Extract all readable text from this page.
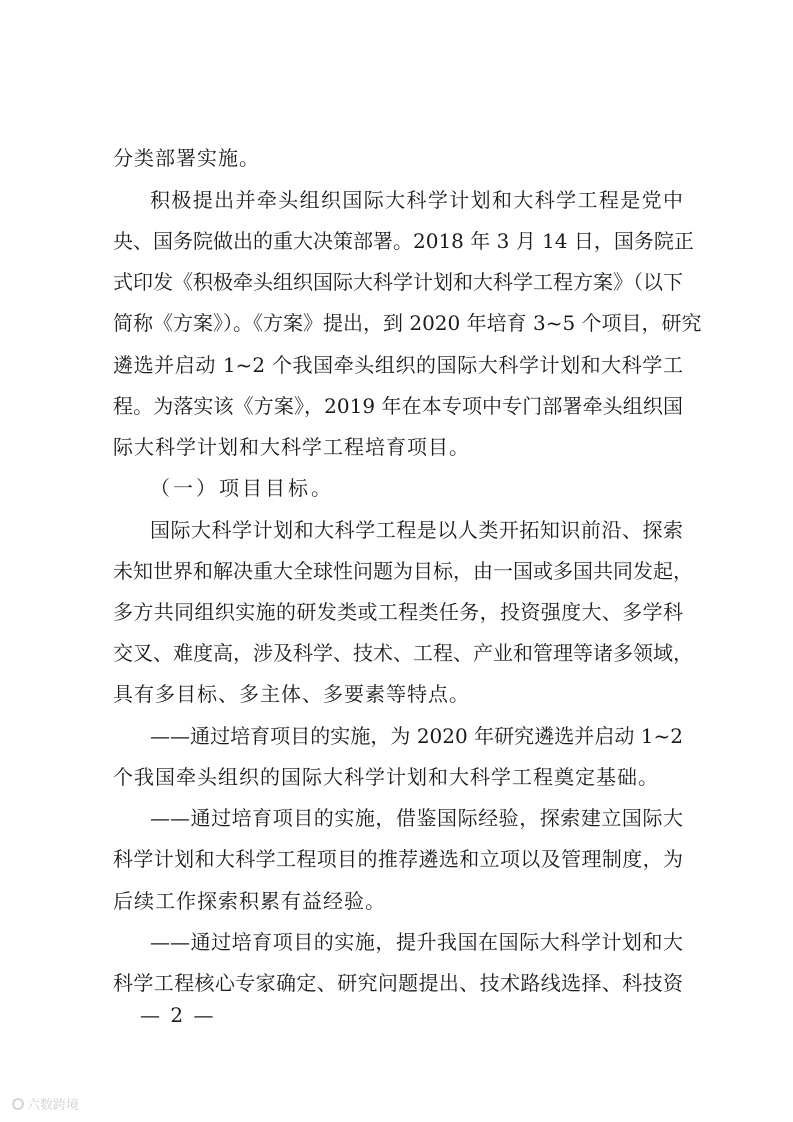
分类部署实施。
积极提出并牵头组织国际大科学计划和大科学工程是党中
央、国务院做出的重大决策部署。2018 年 3 月 14 日，国务院正
式印发《积极牵头组织国际大科学计划和大科学工程方案》（以下
简称《方案》）。《方案》提出，到 2020 年培育 3~5 个项目，研究
遴选并启动 1~2 个我国牵头组织的国际大科学计划和大科学工
程。为落实该《方案》，2019 年在本专项中专门部署牵头组织国
际大科学计划和大科学工程培育项目。
（一）项目目标。
国际大科学计划和大科学工程是以人类开拓知识前沿、探索
未知世界和解决重大全球性问题为目标，由一国或多国共同发起，
多方共同组织实施的研发类或工程类任务，投资强度大、多学科
交叉、难度高，涉及科学、技术、工程、产业和管理等诸多领域，
具有多目标、多主体、多要素等特点。
——通过培育项目的实施，为 2020 年研究遴选并启动 1~2
个我国牵头组织的国际大科学计划和大科学工程奠定基础。
——通过培育项目的实施，借鉴国际经验，探索建立国际大
科学计划和大科学工程项目的推荐遴选和立项以及管理制度，为
后续工作探索积累有益经验。
——通过培育项目的实施，提升我国在国际大科学计划和大
科学工程核心专家确定、研究问题提出、技术路线选择、科技资
— 2 —
六数跨境
